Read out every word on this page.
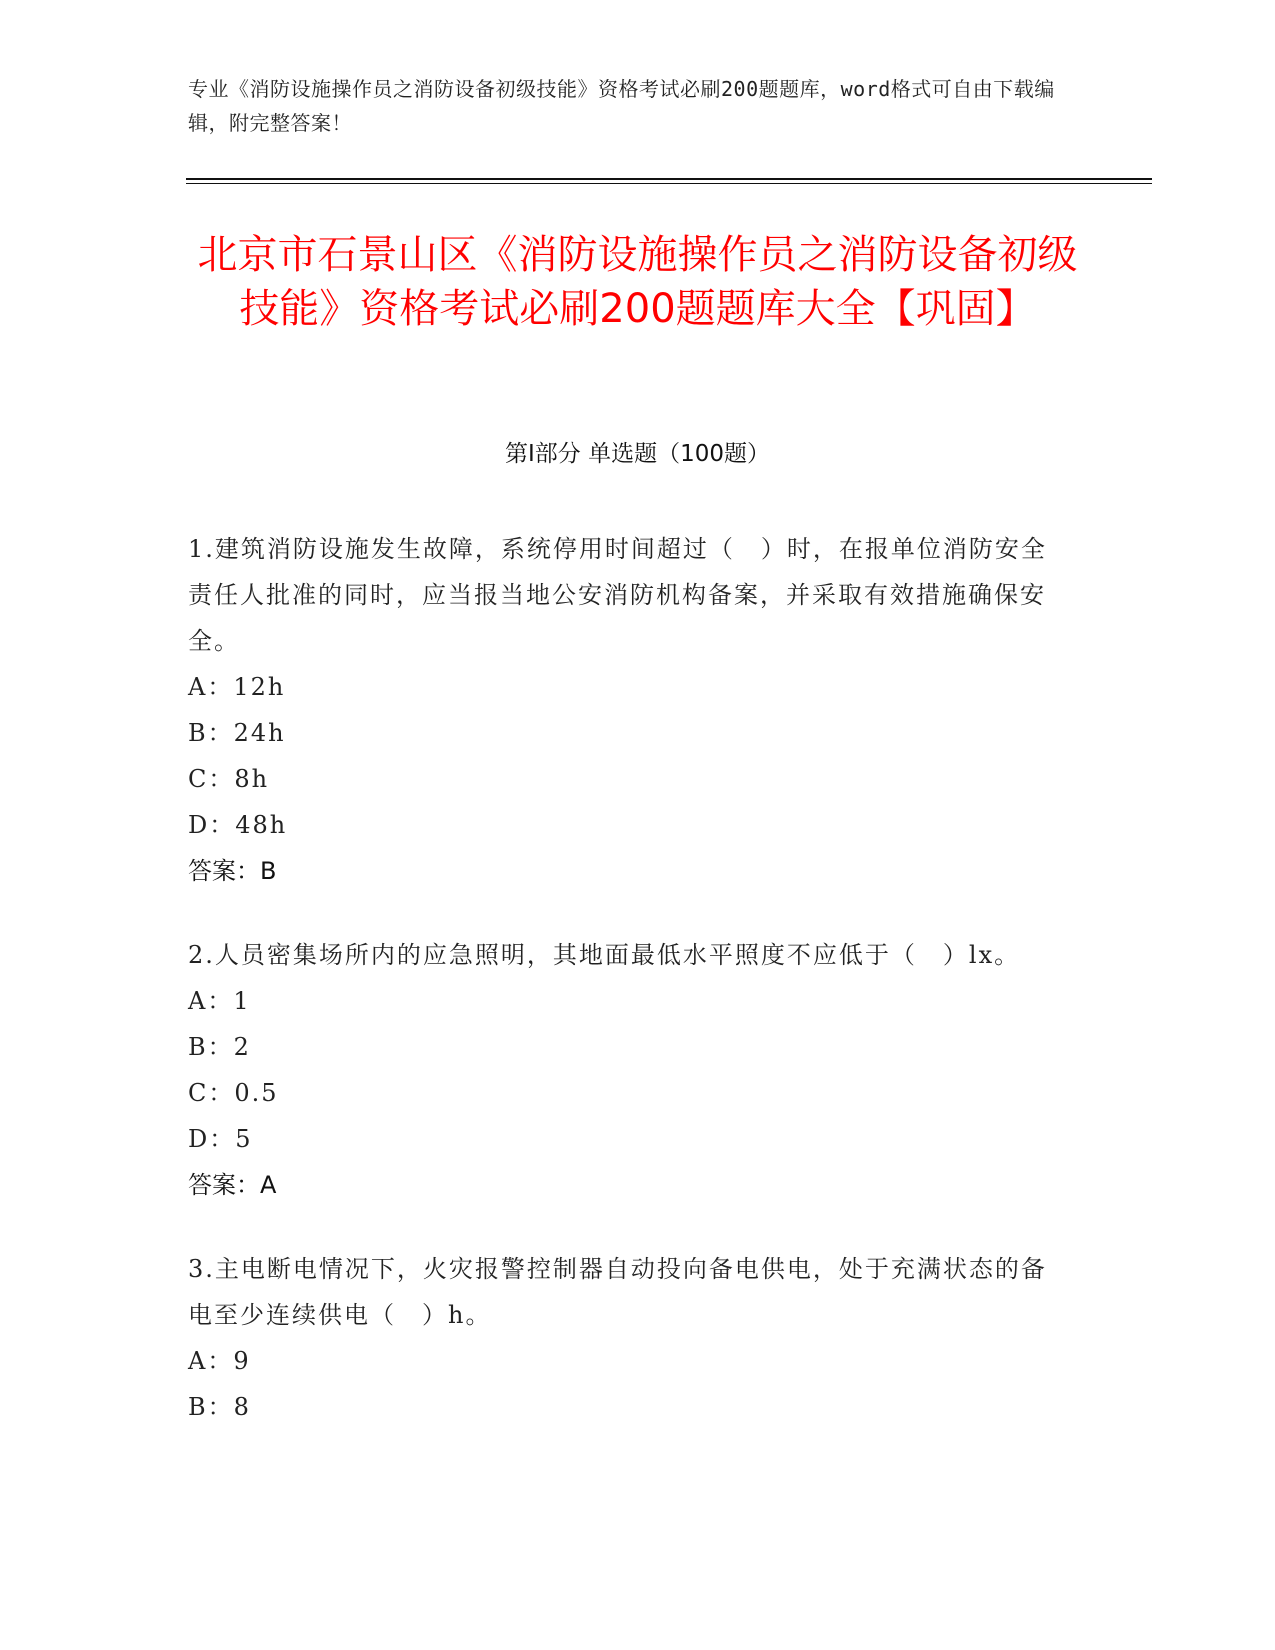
专业《消防设施操作员之消防设备初级技能》资格考试必刷200题题库，word格式可自由下载编辑，附完整答案！
北京市石景山区《消防设施操作员之消防设备初级技能》资格考试必刷200题题库大全【巩固】
第I部分 单选题（100题）
1.建筑消防设施发生故障，系统停用时间超过（　）时，在报单位消防安全责任人批准的同时，应当报当地公安消防机构备案，并采取有效措施确保安全。
A：12h
B：24h
C：8h
D：48h
答案：B
2.人员密集场所内的应急照明，其地面最低水平照度不应低于（　）lx。
A：1
B：2
C：0.5
D：5
答案：A
3.主电断电情况下，火灾报警控制器自动投向备电供电，处于充满状态的备电至少连续供电（　）h。
A：9
B：8
